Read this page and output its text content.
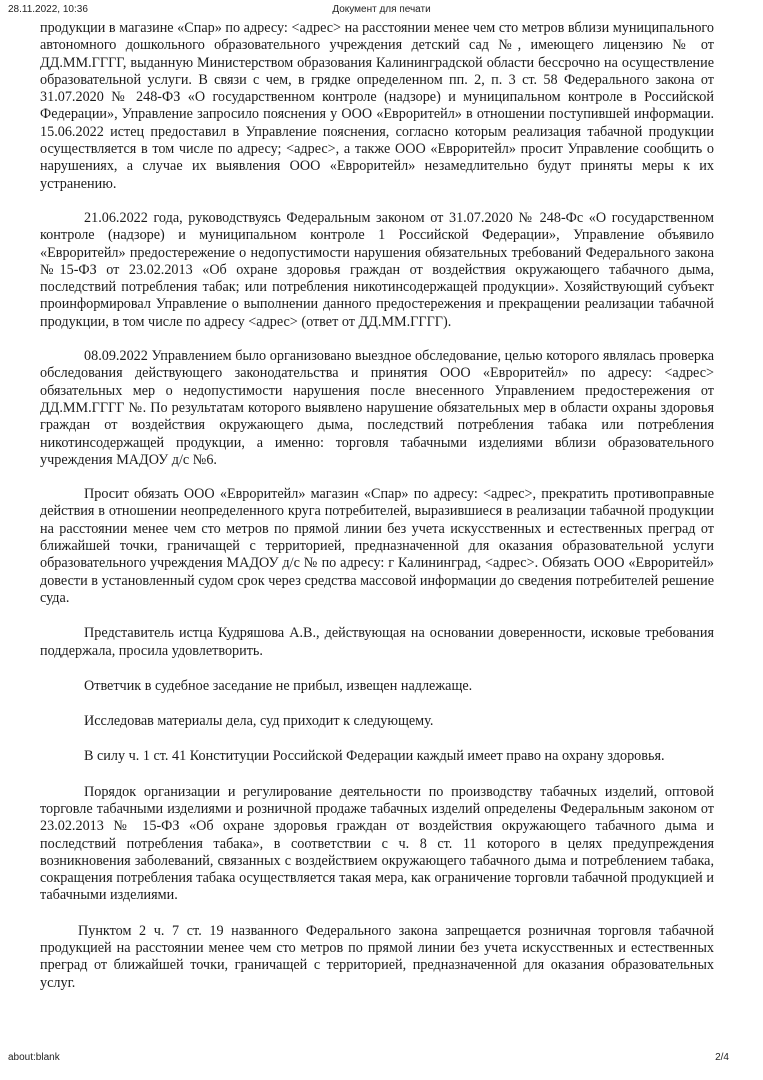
28.11.2022, 10:36	Документ для печати

продукции в магазине «Спар» по адресу: <адрес> на расстоянии менее чем сто метров вблизи муниципального автономного дошкольного образовательного учреждения детский сад №, имеющего лицензию № от ДД.ММ.ГГГГ, выданную Министерством образования Калининградской области бессрочно на осуществление образовательной услуги. В связи с чем, в грядке определенном пп. 2, п. 3 ст. 58 Федерального закона от 31.07.2020 № 248-ФЗ «О государственном контроле (надзоре) и муниципальном контроле в Российской Федерации», Управление запросило пояснения у ООО «Евроритейл» в отношении поступившей информации. 15.06.2022 истец предоставил в Управление пояснения, согласно которым реализация табачной продукции осуществляется в том числе по адресу; <адрес>, а также ООО «Евроритейл» просит Управление сообщить о нарушениях, а случае их выявления ООО «Евроритейл» незамедлительно будут приняты меры к их устранению.

21.06.2022 года, руководствуясь Федеральным законом от 31.07.2020 № 248-Фс «О государственном контроле (надзоре) и муниципальном контроле 1 Российской Федерации», Управление объявило «Евроритейл» предостережение о недопустимости нарушения обязательных требований Федерального закона №15-ФЗ от 23.02.2013 «Об охране здоровья граждан от воздействия окружающего табачного дыма, последствий потребления табак; или потребления никотинсодержащей продукции». Хозяйствующий субъект проинформировал Управление о выполнении данного предостережения и прекращении реализации табачной продукции, в том числе по адресу <адрес> (ответ от ДД.ММ.ГГГГ).

08.09.2022 Управлением было организовано выездное обследование, целью которого являлась проверка обследования действующего законодательства и принятия ООО «Евроритейл» по адресу: <адрес> обязательных мер о недопустимости нарушения после внесенного Управлением предостережения от ДД.ММ.ГГГГ №. По результатам которого выявлено нарушение обязательных мер в области охраны здоровья граждан от воздействия окружающего дыма, последствий потребления табака или потребления никотинсодержащей продукции, а именно: торговля табачными изделиями вблизи образовательного учреждения МАДОУ д/с №6.

Просит обязать ООО «Евроритейл» магазин «Спар» по адресу: <адрес>, прекратить противоправные действия в отношении неопределенного круга потребителей, выразившиеся в реализации табачной продукции на расстоянии менее чем сто метров по прямой линии без учета искусственных и естественных преград от ближайшей точки, граничащей с территорией, предназначенной для оказания образовательной услуги образовательного учреждения МАДОУ д/с № по адресу: г Калининград, <адрес>. Обязать ООО «Евроритейл» довести в установленный судом срок через средства массовой информации до сведения потребителей решение суда.

Представитель истца Кудряшова А.В., действующая на основании доверенности, исковые требования поддержала, просила удовлетворить.

Ответчик в судебное заседание не прибыл, извещен надлежаще.

Исследовав материалы дела, суд приходит к следующему.

В силу ч. 1 ст. 41 Конституции Российской Федерации каждый имеет право на охрану здоровья.

Порядок организации и регулирование деятельности по производству табачных изделий, оптовой торговле табачными изделиями и розничной продаже табачных изделий определены Федеральным законом от 23.02.2013 № 15-ФЗ «Об охране здоровья граждан от воздействия окружающего табачного дыма и последствий потребления табака», в соответствии с ч. 8 ст. 11 которого в целях предупреждения возникновения заболеваний, связанных с воздействием окружающего табачного дыма и потреблением табака, сокращения потребления табака осуществляется такая мера, как ограничение торговли табачной продукцией и табачными изделиями.

Пунктом 2 ч. 7 ст. 19 названного Федерального закона запрещается розничная торговля табачной продукцией на расстоянии менее чем сто метров по прямой линии без учета искусственных и естественных преград от ближайшей точки, граничащей с территорией, предназначенной для оказания образовательных услуг.

about:blank	2/4
